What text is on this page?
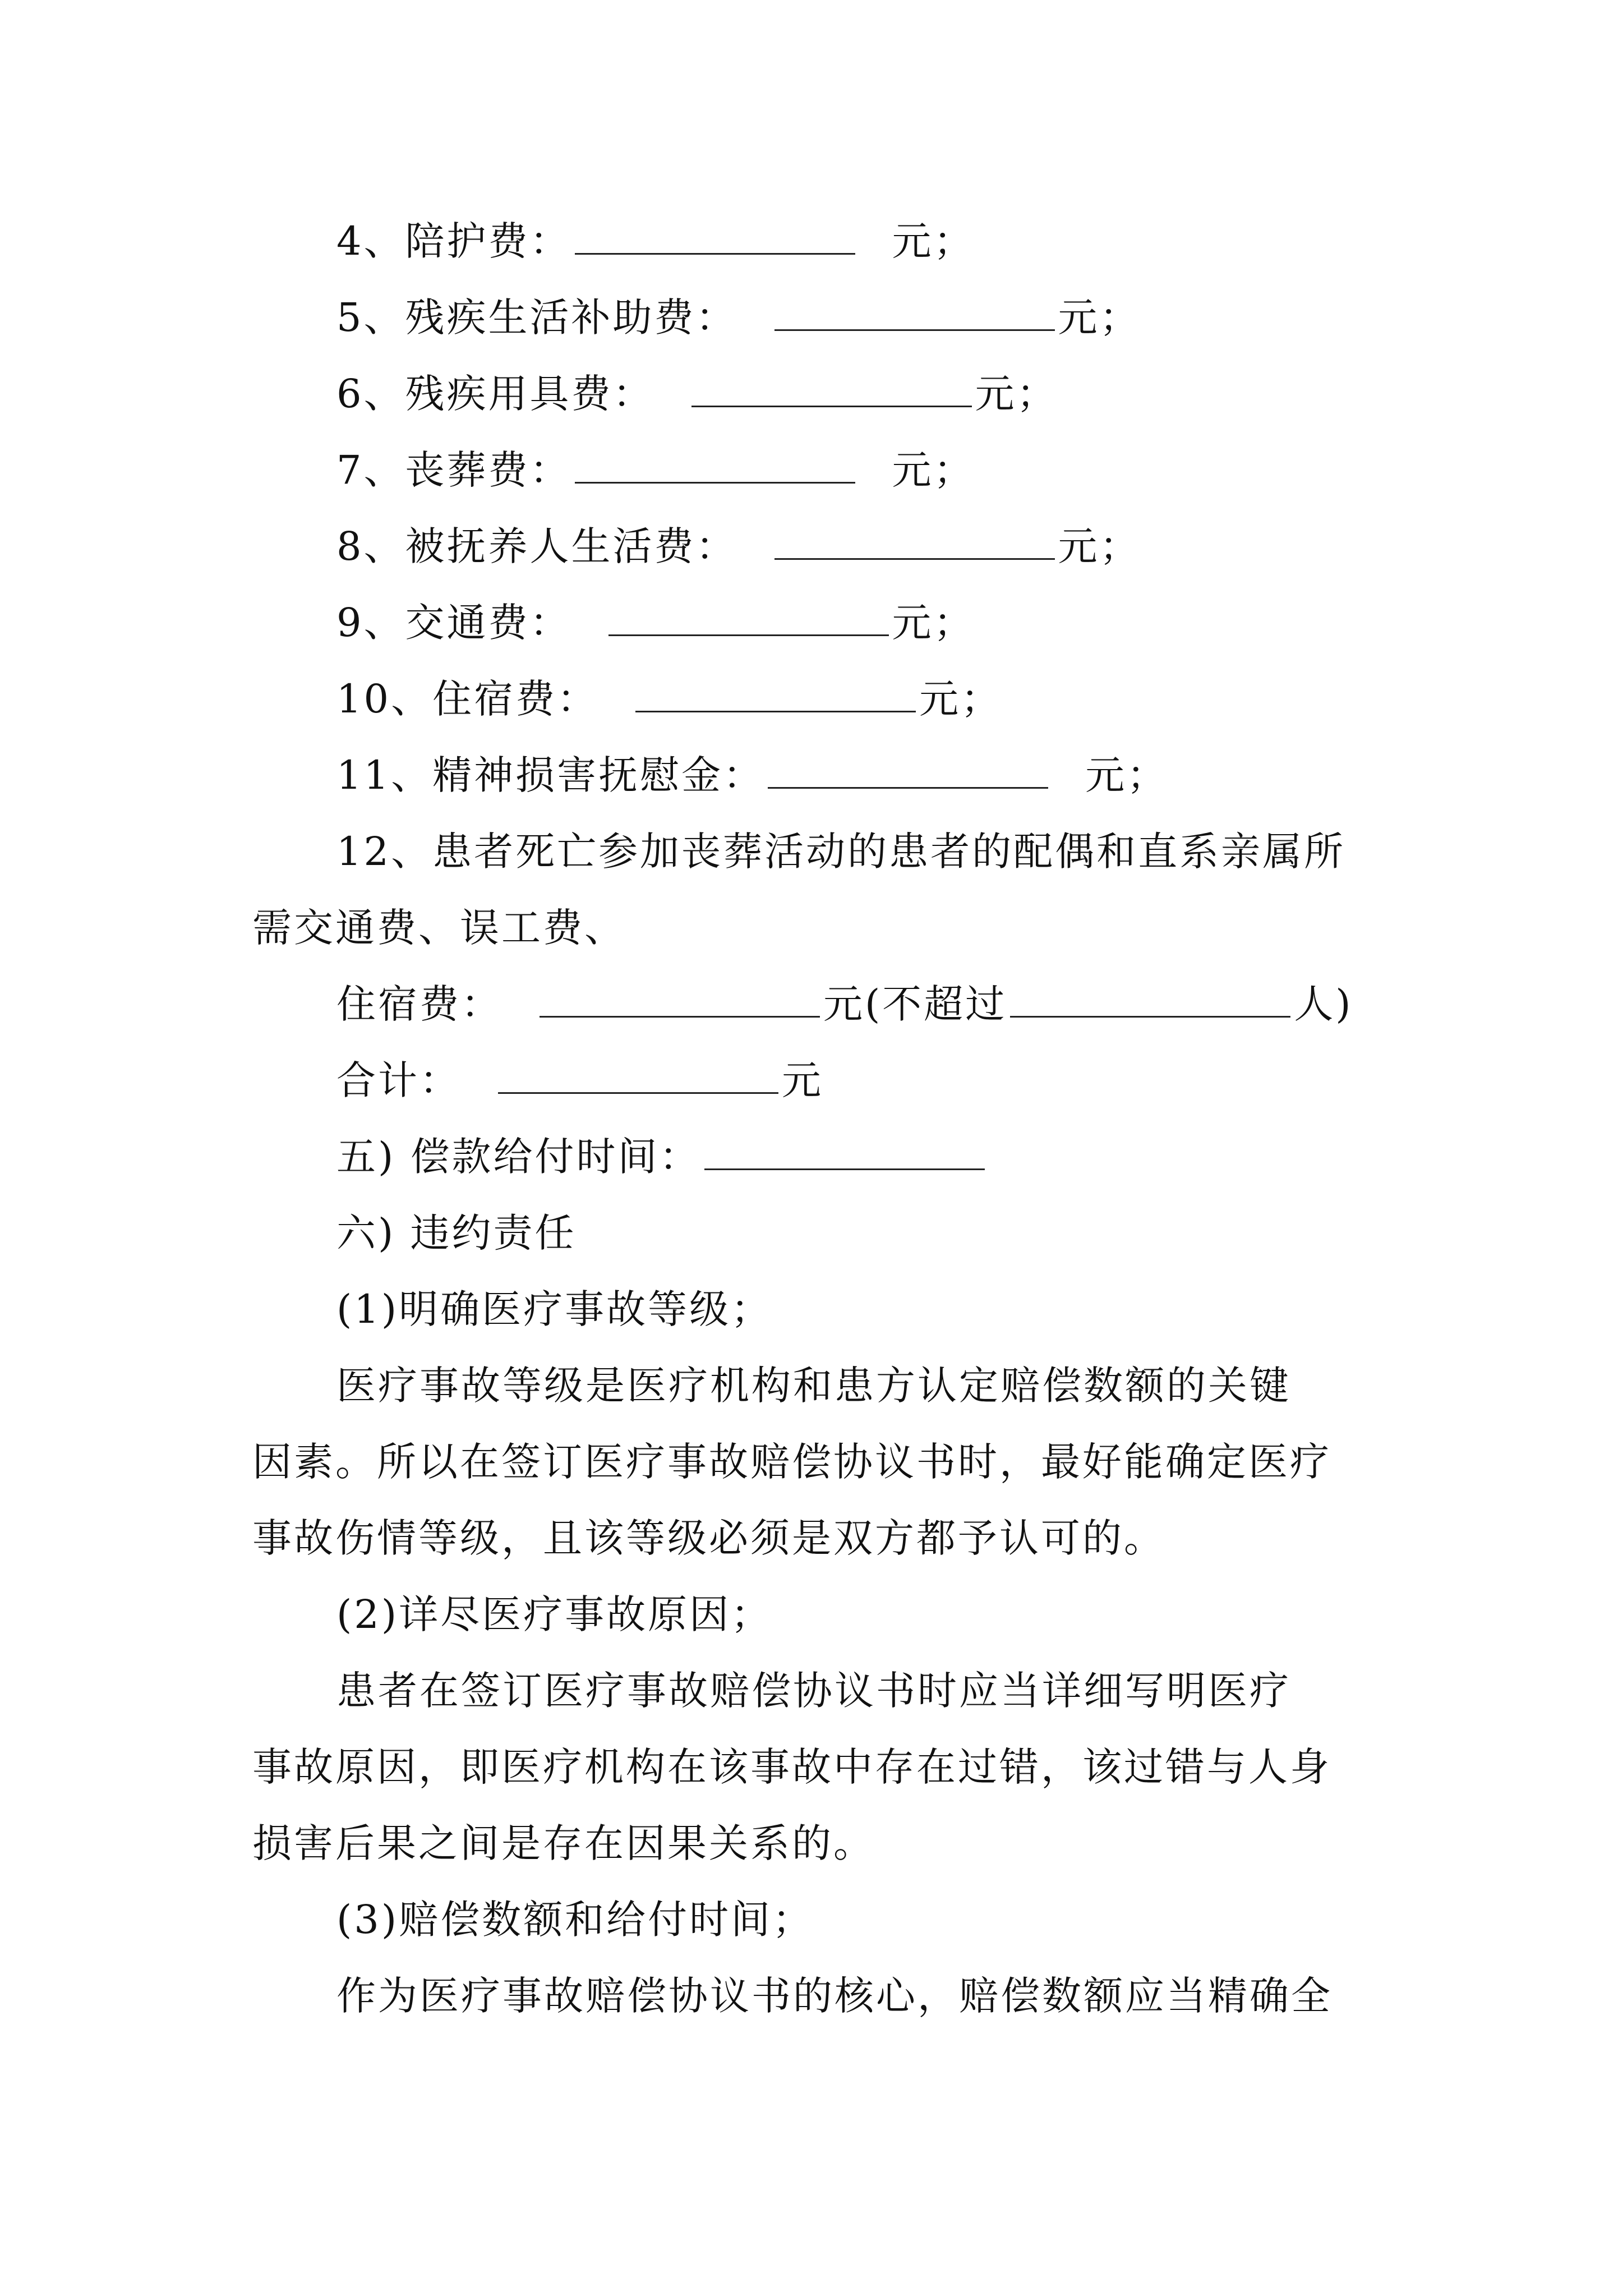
4、陪护费：	元；
5、残疾生活补助费：	元；
6、残疾用具费：	元；
7、丧葬费：	元；
8、被抚养人生活费：	元；
9、交通费：	元；
10、住宿费：	元；
11、精神损害抚慰金：	元；
12、患者死亡参加丧葬活动的患者的配偶和直系亲属所
需交通费、误工费、
住宿费：	元(不超过	人)
合计：	元
五) 偿款给付时间：
六) 违约责任
(1)明确医疗事故等级；
医疗事故等级是医疗机构和患方认定赔偿数额的关键
因素。所以在签订医疗事故赔偿协议书时，最好能确定医疗
事故伤情等级，且该等级必须是双方都予认可的。
(2)详尽医疗事故原因；
患者在签订医疗事故赔偿协议书时应当详细写明医疗
事故原因，即医疗机构在该事故中存在过错，该过错与人身
损害后果之间是存在因果关系的。
(3)赔偿数额和给付时间；
作为医疗事故赔偿协议书的核心，赔偿数额应当精确全
